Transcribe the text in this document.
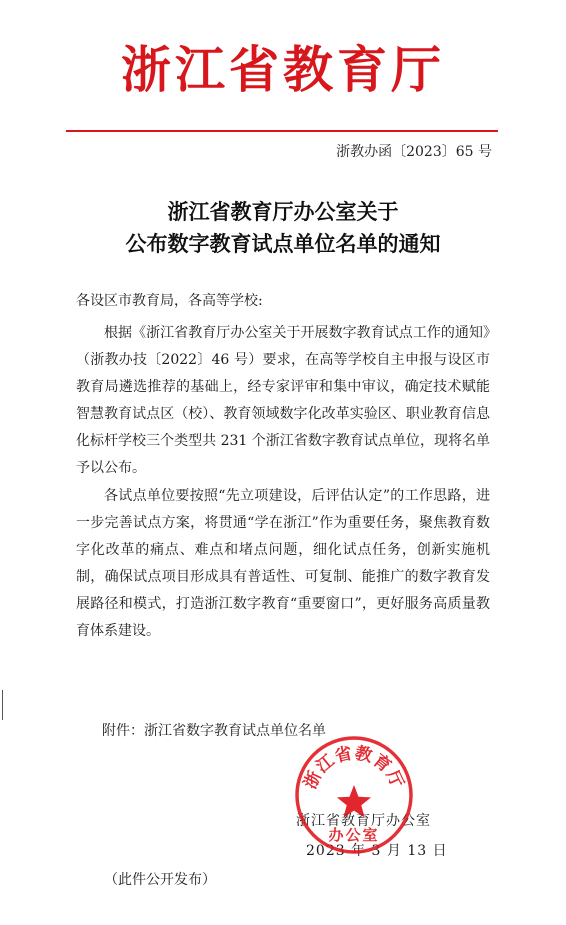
浙江省教育厅
浙教办函〔2023〕65 号
浙江省教育厅办公室关于
公布数字教育试点单位名单的通知
各设区市教育局，各高等学校:

根据《浙江省教育厅办公室关于开展数字教育试点工作的通知》（浙教办技〔2022〕46 号）要求，在高等学校自主申报与设区市教育局遴选推荐的基础上，经专家评审和集中审议，确定技术赋能智慧教育试点区（校）、教育领域数字化改革实验区、职业教育信息化标杆学校三个类型共 231 个浙江省数字教育试点单位，现将名单予以公布。

各试点单位要按照“先立项建设，后评估认定”的工作思路，进一步完善试点方案，将贯通“学在浙江”作为重要任务，聚焦教育数字化改革的痛点、难点和堵点问题，细化试点任务，创新实施机制，确保试点项目形成具有普适性、可复制、能推广的数字教育发展路径和模式，打造浙江数字教育“重要窗口”，更好服务高质量教育体系建设。

附件：浙江省数字教育试点单位名单
浙江省教育厅办公室
2023 年 3 月 13 日
浙江省教育厅
办公室
（此件公开发布）
